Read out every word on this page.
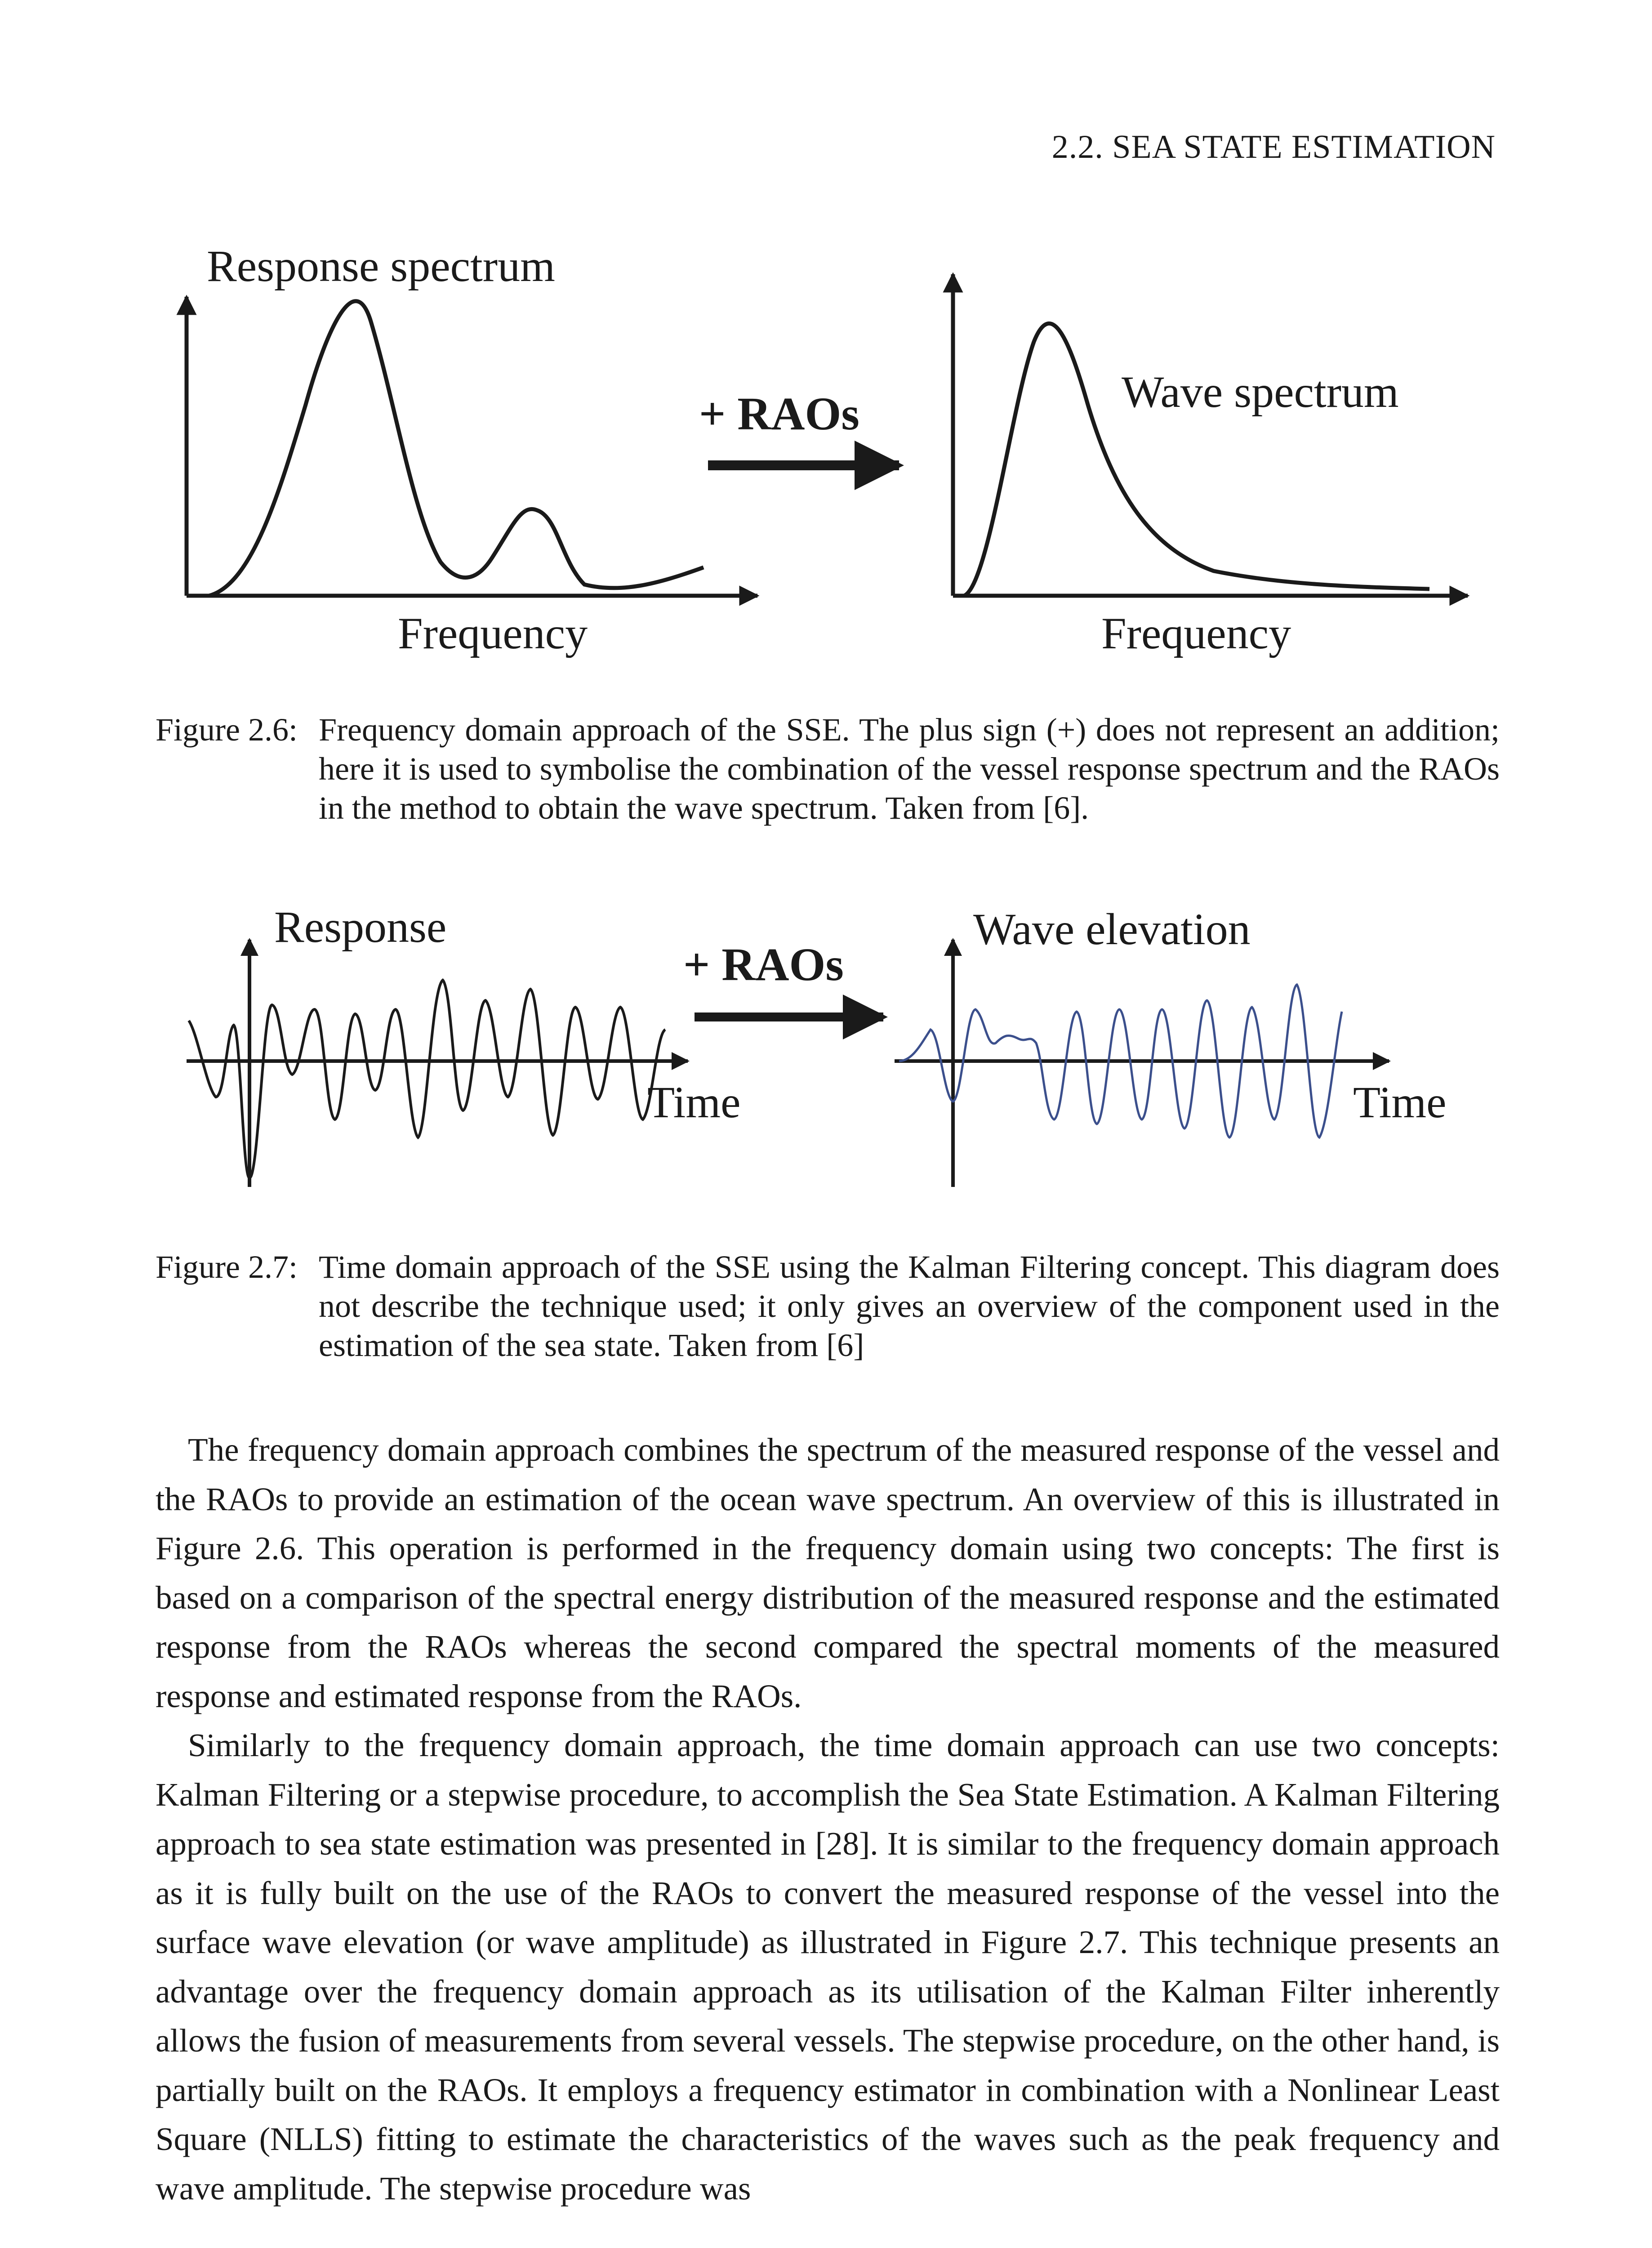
2.2. SEA STATE ESTIMATION
Response spectrum
Frequency
+ RAOs	Wave spectrum
Frequency
Figure 2.6: Frequency domain approach of the SSE. The plus sign (+) does not represent an addition; here it is used to symbolise the combination of the vessel response spectrum and the RAOs in the method to obtain the wave spectrum. Taken from [6].
Response
Time
+ RAOs
Wave elevation
Time
Figure 2.7: Time domain approach of the SSE using the Kalman Filtering concept. This diagram does not describe the technique used; it only gives an overview of the component used in the estimation of the sea state. Taken from [6]

The frequency domain approach combines the spectrum of the measured response of the vessel and the RAOs to provide an estimation of the ocean wave spectrum. An overview of this is illustrated in Figure 2.6. This operation is performed in the frequency domain using two concepts: The first is based on a comparison of the spectral energy distribution of the measured response and the estimated response from the RAOs whereas the second compared the spectral moments of the measured response and estimated response from the RAOs.

Similarly to the frequency domain approach, the time domain approach can use two concepts: Kalman Filtering or a stepwise procedure, to accomplish the Sea State Estimation. A Kalman Filtering approach to sea state estimation was presented in [28]. It is similar to the frequency domain approach as it is fully built on the use of the RAOs to convert the measured response of the vessel into the surface wave elevation (or wave amplitude) as illustrated in Figure 2.7. This technique presents an advantage over the frequency domain approach as its utilisation of the Kalman Filter inherently allows the fusion of measurements from several vessels. The stepwise procedure, on the other hand, is partially built on the RAOs. It employs a frequency estimator in combination with a Nonlinear Least Square (NLLS) fitting to estimate the characteristics of the waves such as the peak frequency and wave amplitude. The stepwise procedure was
